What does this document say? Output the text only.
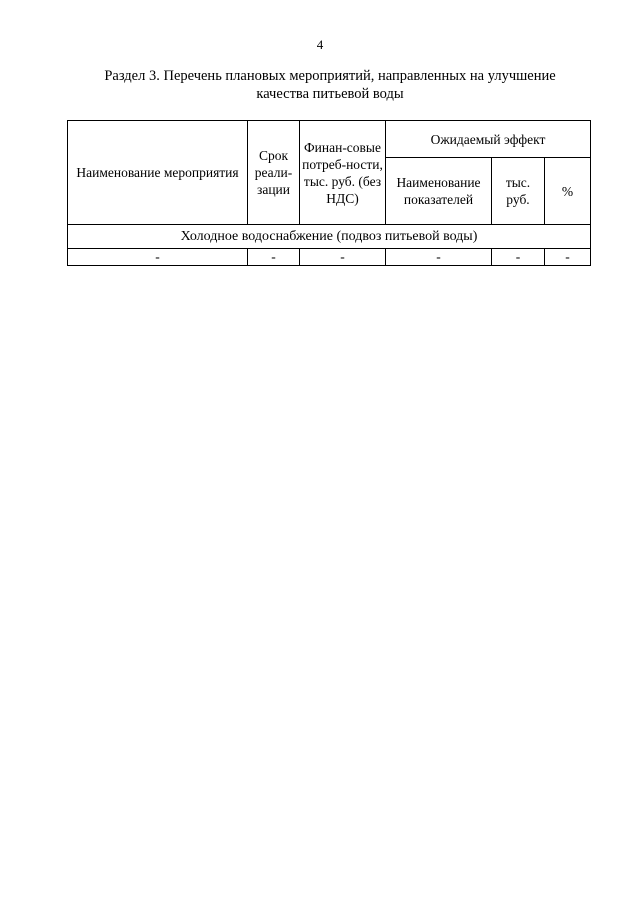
4
Раздел 3. Перечень плановых мероприятий, направленных на улучшение
качества питьевой воды
Наименование мероприятия	Срок реали-зации	Финан-совые потреб-ности, тыс. руб. (без НДС)	Ожидаемый эффект		
			Наименование показателей	тыс. руб.	%
Холодное водоснабжение (подвоз питьевой воды)					
-	-	-	-	-	-
